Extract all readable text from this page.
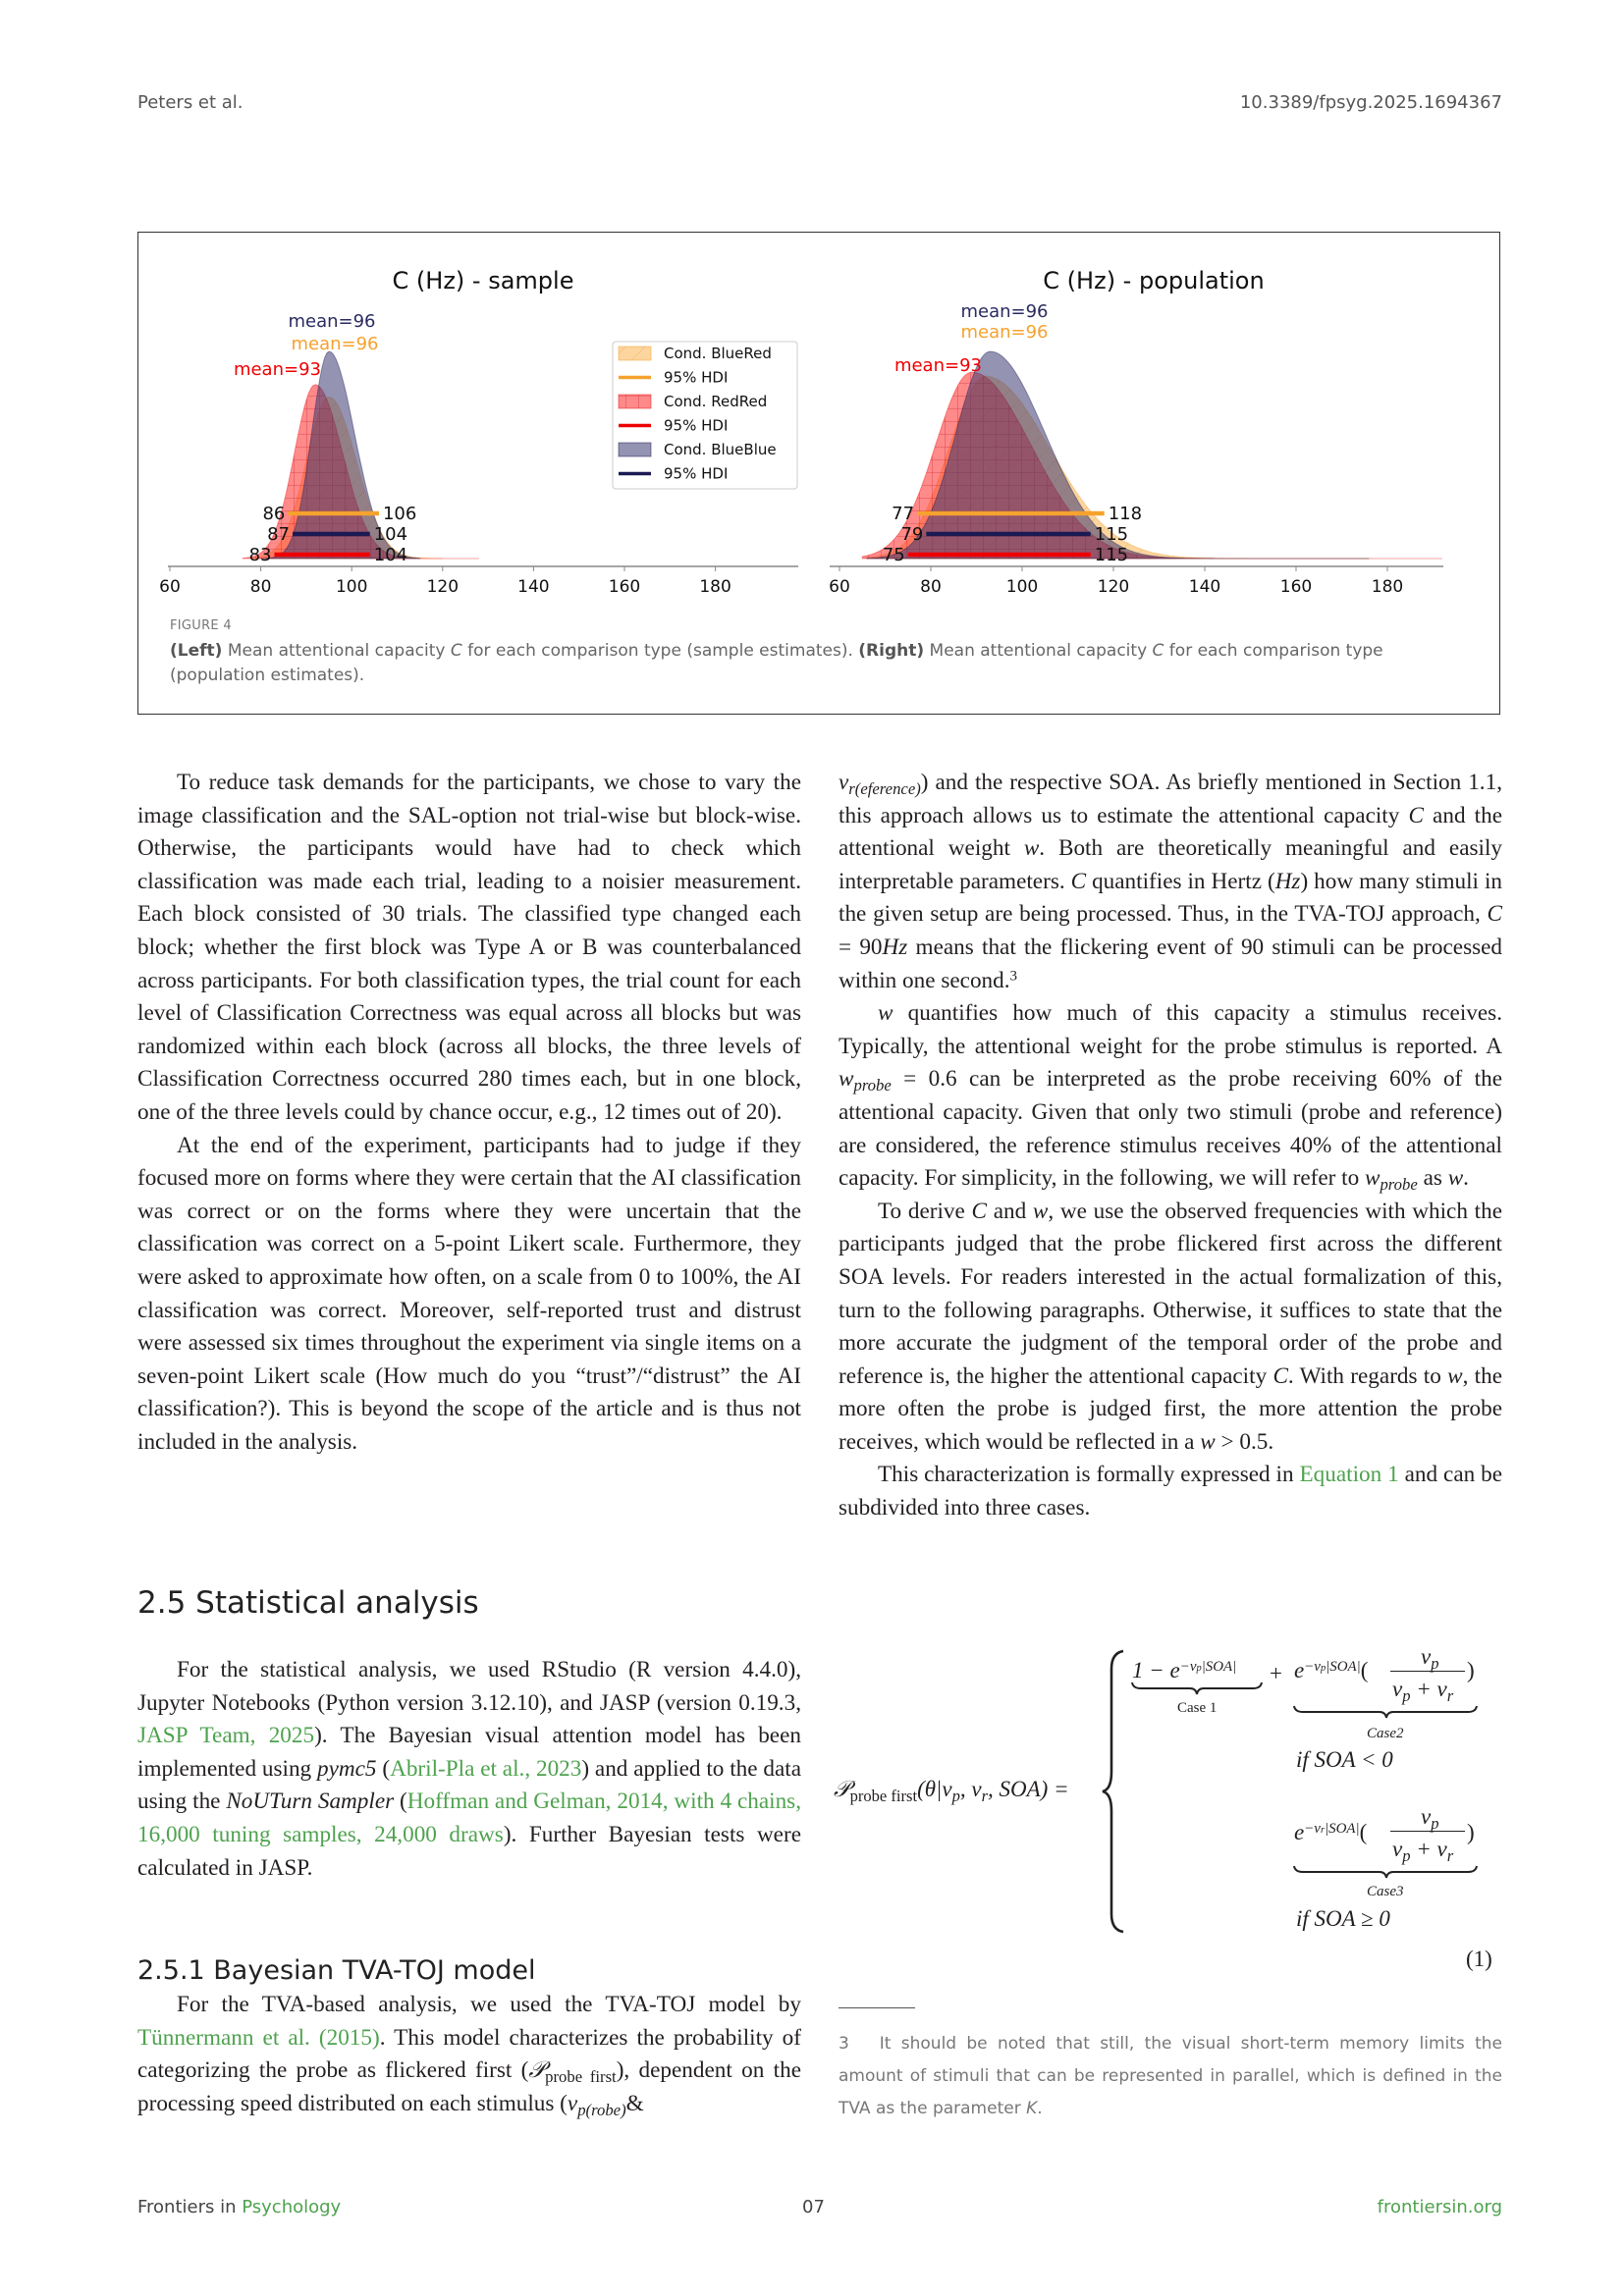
Peters et al.	10.3389/fpsyg.2025.1694367
C (Hz) - sample
60	80	100	120	140	160	180
86	106
mean=96
83	104
mean=93
87	104
mean=96
Cond. BlueRed
95% HDI
Cond. RedRed
95% HDI
Cond. BlueBlue
95% HDI
C (Hz) - population
60	80	100	120	140	160	180
77	118
mean=96
75	115
mean=93
79	115
mean=96
FIGURE 4
(Left) Mean attentional capacity C for each comparison type (sample estimates). (Right) Mean attentional capacity C for each comparison type (population estimates).

To reduce task demands for the participants, we chose to vary the image classification and the SAL-option not trial-wise but block-wise. Otherwise, the participants would have had to check which classification was made each trial, leading to a noisier measurement. Each block consisted of 30 trials. The classified type changed each block; whether the first block was Type A or B was counterbalanced across participants. For both classification types, the trial count for each level of Classification Correctness was equal across all blocks but was randomized within each block (across all blocks, the three levels of Classification Correctness occurred 280 times each, but in one block, one of the three levels could by chance occur, e.g., 12 times out of 20).

At the end of the experiment, participants had to judge if they focused more on forms where they were certain that the AI classification was correct or on the forms where they were uncertain that the classification was correct on a 5-point Likert scale. Furthermore, they were asked to approximate how often, on a scale from 0 to 100%, the AI classification was correct. Moreover, self-reported trust and distrust were assessed six times throughout the experiment via single items on a seven-point Likert scale (How much do you “trust”/“distrust” the AI classification?). This is beyond the scope of the article and is thus not included in the analysis.

2.5 Statistical analysis

For the statistical analysis, we used RStudio (R version 4.4.0), Jupyter Notebooks (Python version 3.12.10), and JASP (version 0.19.3, JASP Team, 2025). The Bayesian visual attention model has been implemented using pymc5 (Abril-Pla et al., 2023) and applied to the data using the NoUTurn Sampler (Hoffman and Gelman, 2014, with 4 chains, 16,000 tuning samples, 24,000 draws). Further Bayesian tests were calculated in JASP.

2.5.1 Bayesian TVA-TOJ model

For the TVA-based analysis, we used the TVA-TOJ model by Tünnermann et al. (2015). This model characterizes the probability of categorizing the probe as flickered first (𝒫$_{probe first}$), dependent on the processing speed distributed on each stimulus ($v_{p(robe)}\&$

$v_{r(eference)}$) and the respective SOA. As briefly mentioned in Section 1.1, this approach allows us to estimate the attentional capacity C and the attentional weight w. Both are theoretically meaningful and easily interpretable parameters. C quantifies in Hertz (Hz) how many stimuli in the given setup are being processed. Thus, in the TVA-TOJ approach, C = 90Hz means that the flickering event of 90 stimuli can be processed within one second.$^3$

w quantifies how much of this capacity a stimulus receives. Typically, the attentional weight for the probe stimulus is reported. A $w_{probe} = 0.6$ can be interpreted as the probe receiving 60% of the attentional capacity. Given that only two stimuli (probe and reference) are considered, the reference stimulus receives 40% of the attentional capacity. For simplicity, in the following, we will refer to $w_{probe}$ as w.

To derive C and w, we use the observed frequencies with which the participants judged that the probe flickered first across the different SOA levels. For readers interested in the actual formalization of this, turn to the following paragraphs. Otherwise, it suffices to state that the more accurate the judgment of the temporal order of the probe and reference is, the higher the attentional capacity C. With regards to w, the more often the probe is judged first, the more attention the probe receives, which would be reflected in a w > 0.5.

This characterization is formally expressed in Equation 1 and can be subdivided into three cases.

$𝒫_{probe first}(\theta|v_p$, $v_r$, SOA) =
$1 - e^{-vp|SOA|}$
Case 1
+ $e^{-vp|SOA|}$(
$v_p$
$v_p + v_r$
)
Case2
if SOA < 0
$e^{-vr|SOA|}$(
$v_p$
$v_p + v_r$
)
Case3
if SOA ≥ 0
(1)
3 It should be noted that still, the visual short-term memory limits the amount of stimuli that can be represented in parallel, which is defined in the TVA as the parameter K.
Frontiers in Psychology	07	frontiersin.org
